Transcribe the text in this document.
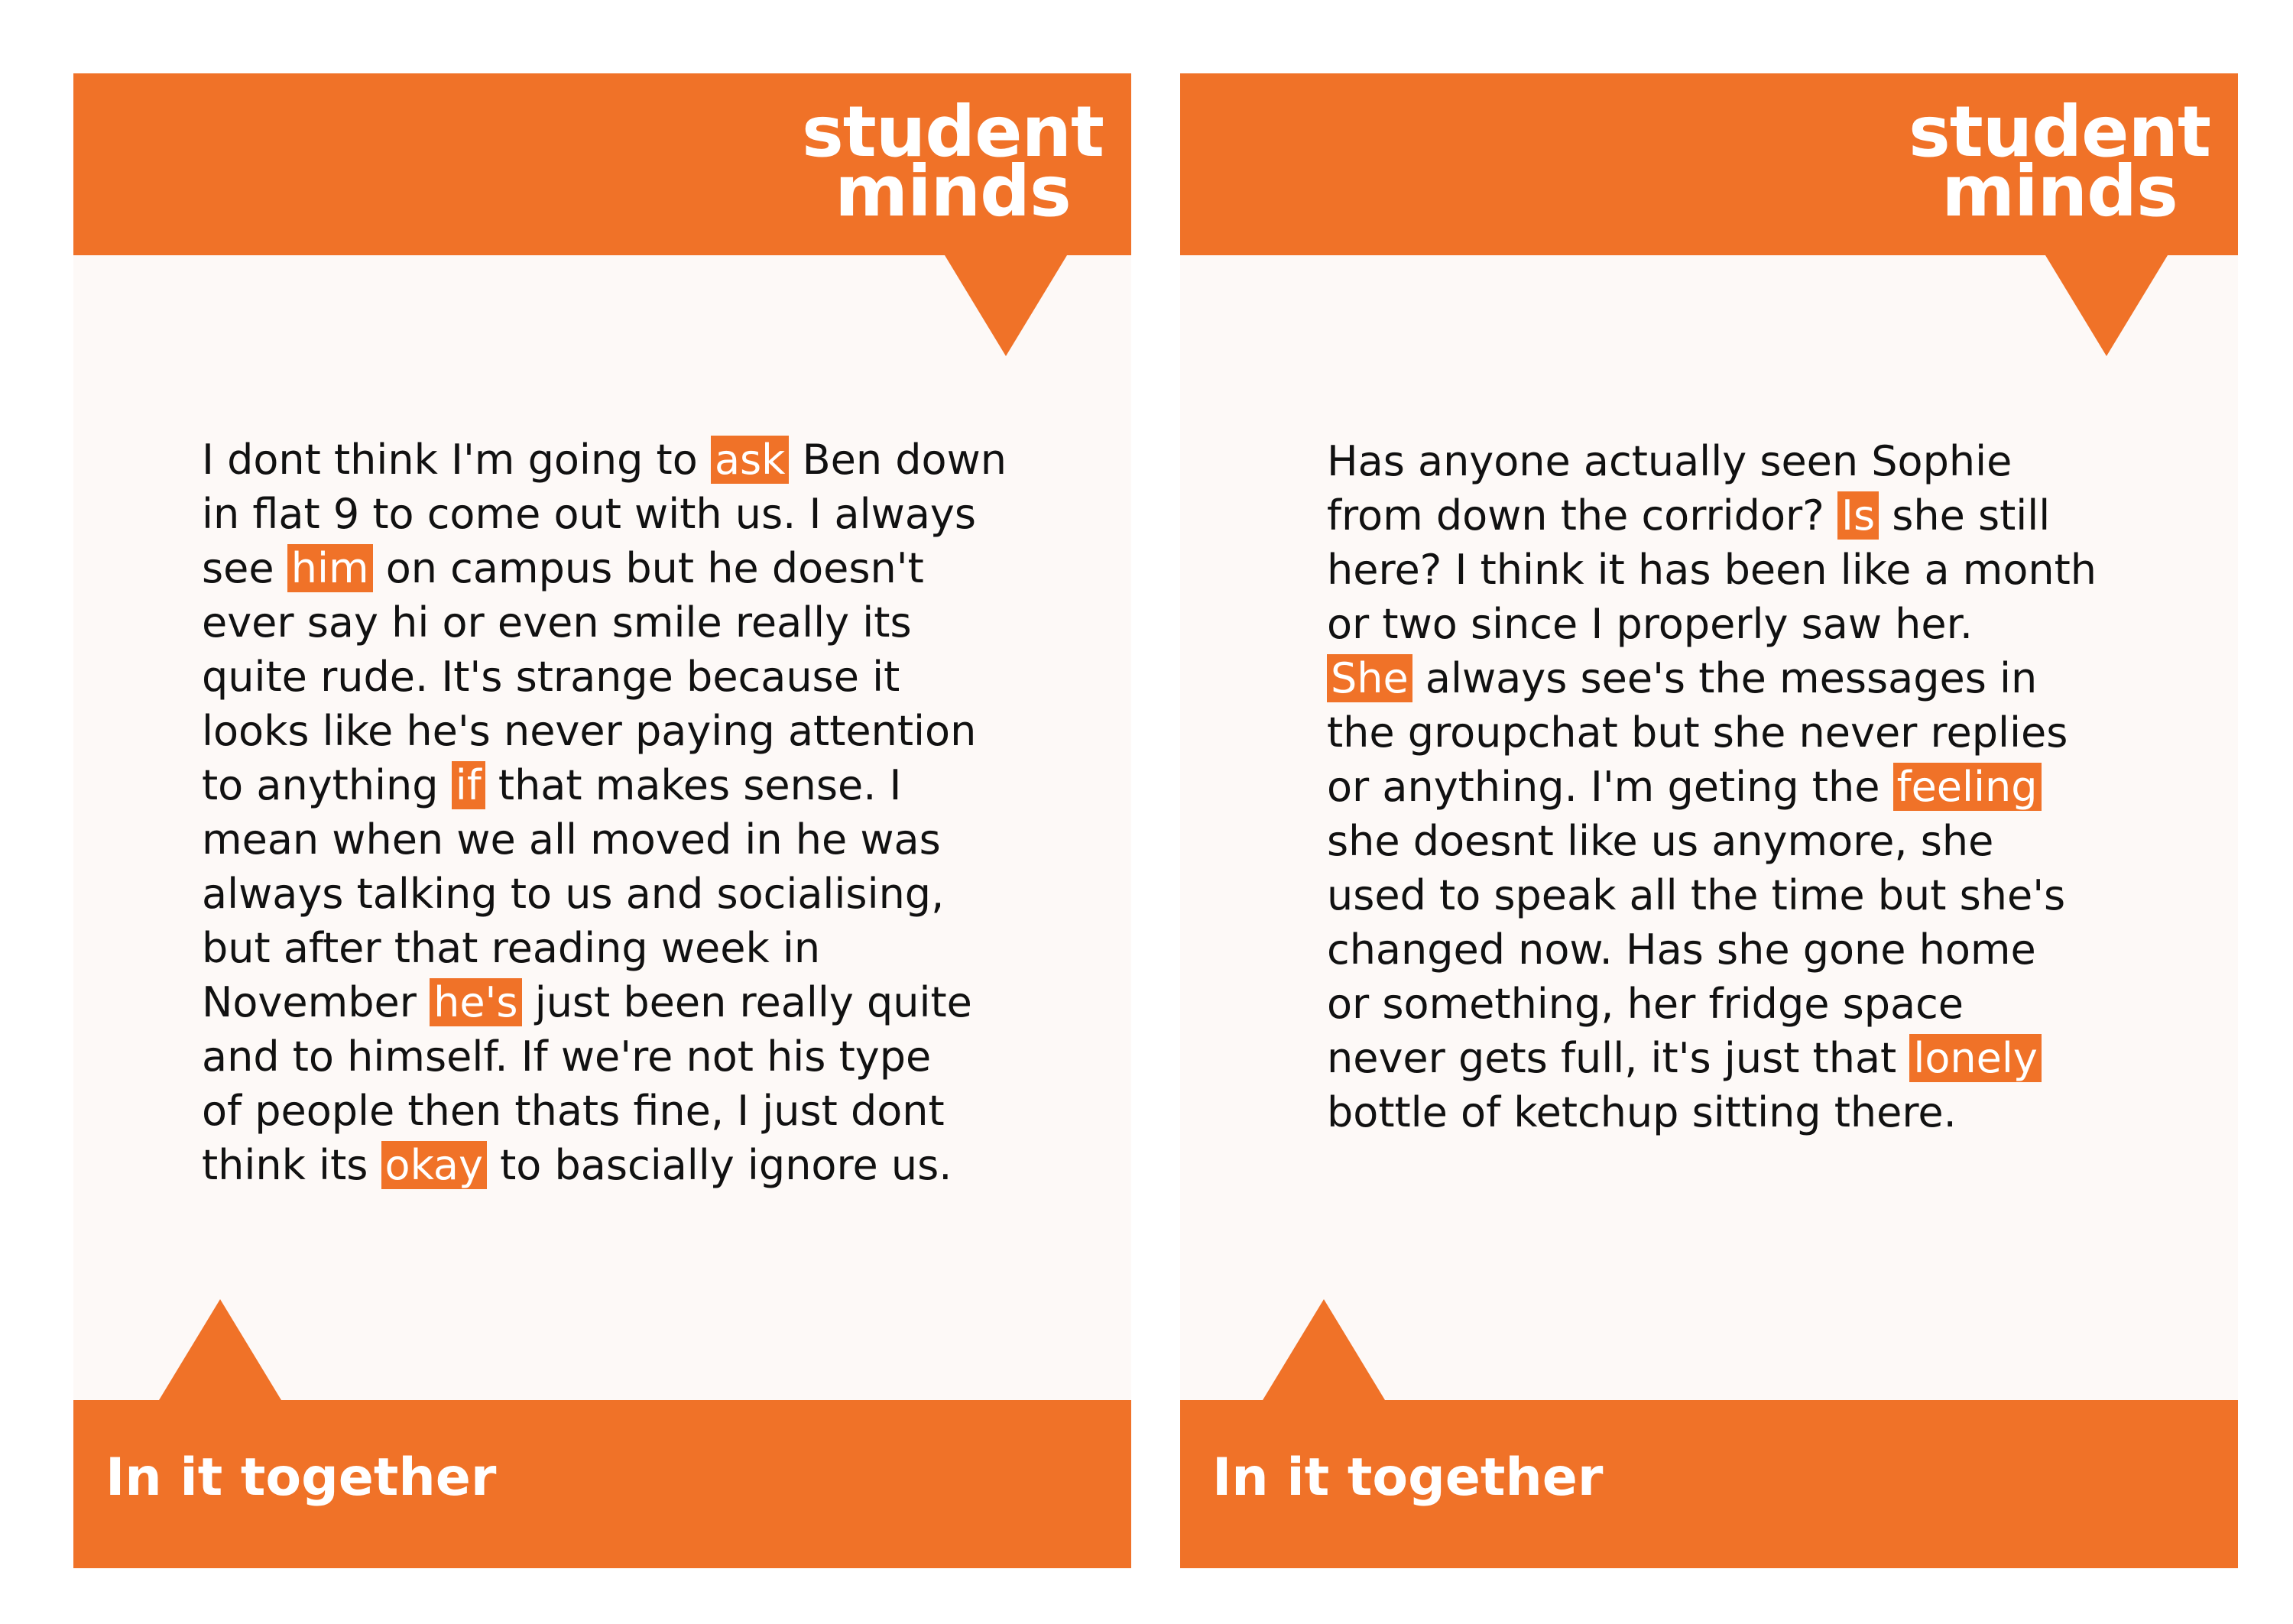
student
minds
I dont think I'm going to ask Ben down
in flat 9 to come out with us. I always
see him on campus but he doesn't
ever say hi or even smile really its
quite rude. It's strange because it
looks like he's never paying attention
to anything if that makes sense. I
mean when we all moved in he was
always talking to us and socialising,
but after that reading week in
November he's just been really quite
and to himself. If we're not his type
of people then thats fine, I just dont
think its okay to bascially ignore us.
In it together
student
minds
Has anyone actually seen Sophie
from down the corridor? Is she still
here? I think it has been like a month
or two since I properly saw her.
She always see's the messages in
the groupchat but she never replies
or anything. I'm geting the feeling
she doesnt like us anymore, she
used to speak all the time but she's
changed now. Has she gone home
or something, her fridge space
never gets full, it's just that lonely
bottle of ketchup sitting there.
In it together
